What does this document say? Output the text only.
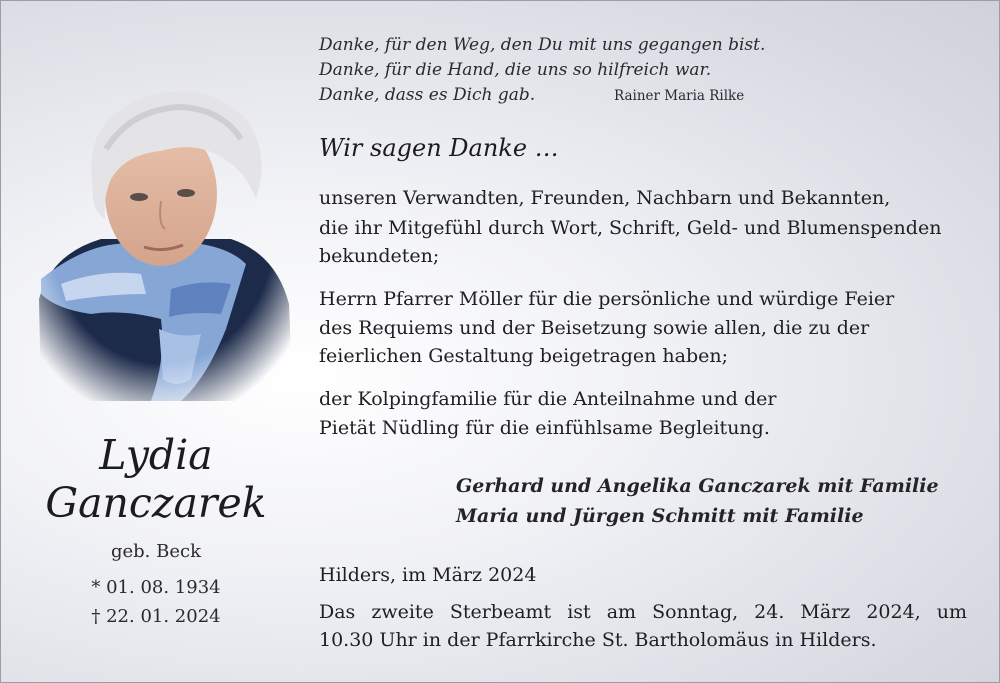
Lydia
Ganczarek
geb. Beck
* 01. 08. 1934
† 22. 01. 2024
Danke, für den Weg, den Du mit uns gegangen bist.
Danke, für die Hand, die uns so hilfreich war.
Danke, dass es Dich gab.	Rainer Maria Rilke
Wir sagen Danke …
unseren Verwandten, Freunden, Nachbarn und Bekannten,
die ihr Mitgefühl durch Wort, Schrift, Geld- und Blumenspenden
bekundeten;
Herrn Pfarrer Möller für die persönliche und würdige Feier
des Requiems und der Beisetzung sowie allen, die zu der
feierlichen Gestaltung beigetragen haben;
der Kolpingfamilie für die Anteilnahme und der
Pietät Nüdling für die einfühlsame Begleitung.
Gerhard und Angelika Ganczarek mit Familie
Maria und Jürgen Schmitt mit Familie
Hilders, im März 2024
Das zweite Sterbeamt ist am Sonntag, 24. März 2024, um
10.30 Uhr in der Pfarrkirche St. Bartholomäus in Hilders.
